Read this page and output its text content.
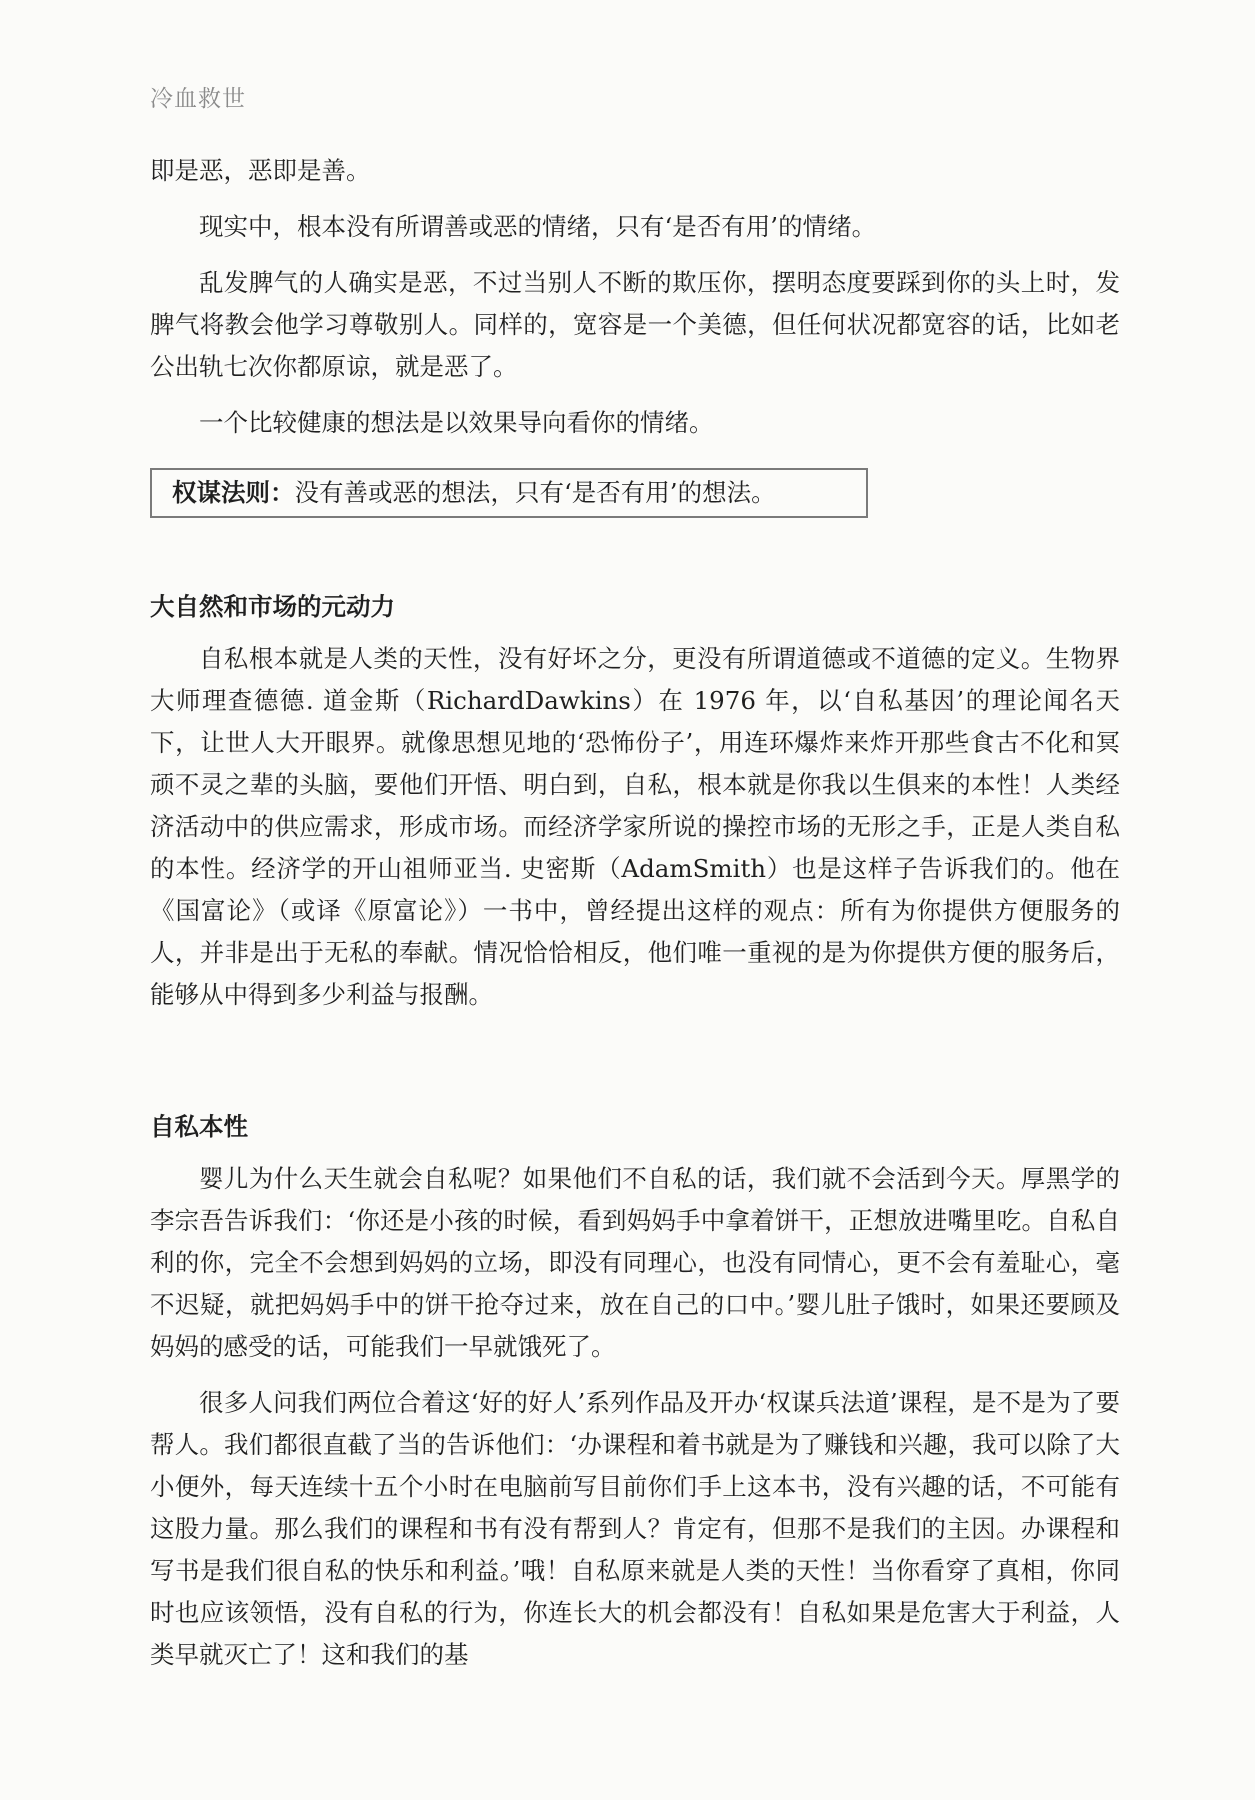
冷血救世

即是恶，恶即是善。

现实中，根本没有所谓善或恶的情绪，只有‘是否有用’的情绪。

乱发脾气的人确实是恶，不过当别人不断的欺压你，摆明态度要踩到你的头上时，发脾气将教会他学习尊敬别人。同样的，宽容是一个美德，但任何状况都宽容的话，比如老公出轨七次你都原谅，就是恶了。

一个比较健康的想法是以效果导向看你的情绪。

权谋法则：没有善或恶的想法，只有‘是否有用’的想法。
大自然和市场的元动力

自私根本就是人类的天性，没有好坏之分，更没有所谓道德或不道德的定义。生物界大师理查德德. 道金斯（RichardDawkins）在 1976 年，以‘自私基因’的理论闻名天下，让世人大开眼界。就像思想见地的‘恐怖份子’，用连环爆炸来炸开那些食古不化和冥顽不灵之辈的头脑，要他们开悟、明白到，自私，根本就是你我以生俱来的本性！人类经济活动中的供应需求，形成市场。而经济学家所说的操控市场的无形之手，正是人类自私的本性。经济学的开山祖师亚当. 史密斯（AdamSmith）也是这样子告诉我们的。他在《国富论》（或译《原富论》）一书中，曾经提出这样的观点：所有为你提供方便服务的人，并非是出于无私的奉献。情况恰恰相反，他们唯一重视的是为你提供方便的服务后，能够从中得到多少利益与报酬。

自私本性

婴儿为什么天生就会自私呢？如果他们不自私的话，我们就不会活到今天。厚黑学的李宗吾告诉我们：‘你还是小孩的时候，看到妈妈手中拿着饼干，正想放进嘴里吃。自私自利的你，完全不会想到妈妈的立场，即没有同理心，也没有同情心，更不会有羞耻心，毫不迟疑，就把妈妈手中的饼干抢夺过来，放在自己的口中。’婴儿肚子饿时，如果还要顾及妈妈的感受的话，可能我们一早就饿死了。

很多人问我们两位合着这‘好的好人’系列作品及开办‘权谋兵法道’课程，是不是为了要帮人。我们都很直截了当的告诉他们：‘办课程和着书就是为了赚钱和兴趣，我可以除了大小便外，每天连续十五个小时在电脑前写目前你们手上这本书，没有兴趣的话，不可能有这股力量。那么我们的课程和书有没有帮到人？肯定有，但那不是我们的主因。办课程和写书是我们很自私的快乐和利益。’哦！自私原来就是人类的天性！当你看穿了真相，你同时也应该领悟，没有自私的行为，你连长大的机会都没有！自私如果是危害大于利益，人类早就灭亡了！这和我们的基
